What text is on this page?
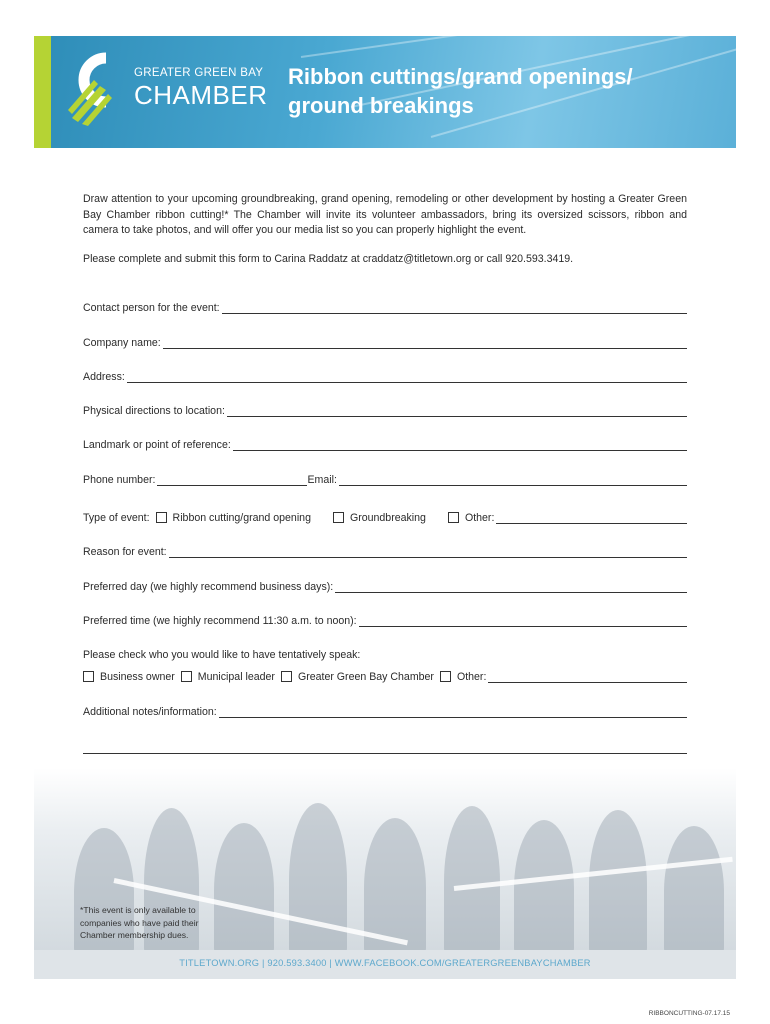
GREATER GREEN BAY
CHAMBER
Ribbon cuttings/grand openings/ ground breakings
Draw attention to your upcoming groundbreaking, grand opening, remodeling or other development by hosting a Greater Green Bay Chamber ribbon cutting!* The Chamber will invite its volunteer ambassadors, bring its oversized scissors, ribbon and camera to take photos, and will offer you our media list so you can properly highlight the event.
Please complete and submit this form to Carina Raddatz at craddatz@titletown.org or call 920.593.3419.
Contact person for the event:
Company name:
Address:
Physical directions to location:
Landmark or point of reference:
Phone number:	Email:
Type of event: Ribbon cutting/grand opening	Groundbreaking	Other:
Reason for event:
Preferred day (we highly recommend business days):
Preferred time (we highly recommend 11:30 a.m. to noon):
Please check who you would like to have tentatively speak:
Business owner Municipal leader Greater Green Bay Chamber Other:
Additional notes/information:
*This event is only available to companies who have paid their Chamber membership dues.
TITLETOWN.ORG | 920.593.3400 | WWW.FACEBOOK.COM/GREATERGREENBAYCHAMBER
RIBBONCUTTING-07.17.15
